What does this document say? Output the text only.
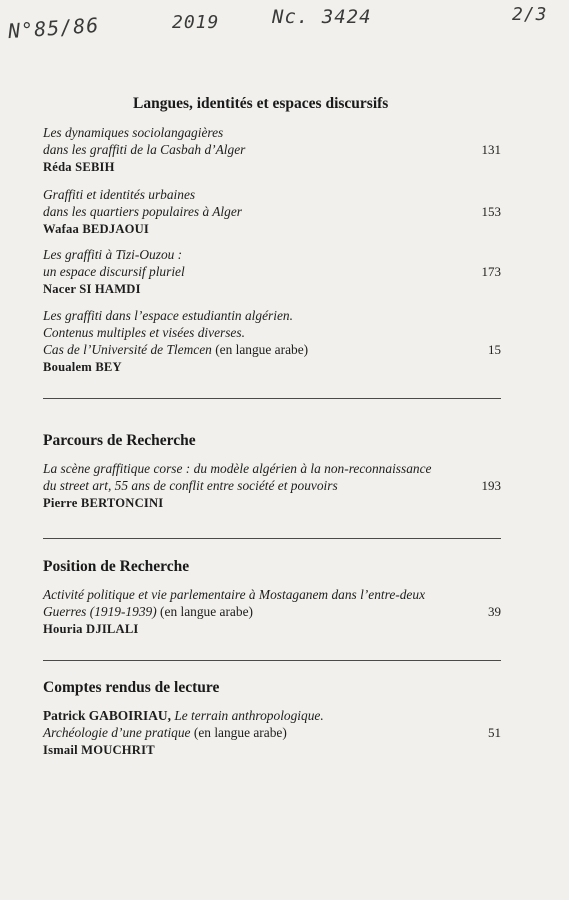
N°85/86	2019	Nc. 3424	2/3
Langues, identités et espaces discursifs
Les dynamiques sociolangagières
dans les graffiti de la Casbah d’Alger	131
Réda SEBIH
Graffiti et identités urbaines
dans les quartiers populaires à Alger	153
Wafaa BEDJAOUI
Les graffiti à Tizi-Ouzou :
un espace discursif pluriel	173
Nacer SI HAMDI
Les graffiti dans l’espace estudiantin algérien.
Contenus multiples et visées diverses.
Cas de l’Université de Tlemcen (en langue arabe)	15
Boualem BEY
Parcours de Recherche
La scène graffitique corse : du modèle algérien à la non-reconnaissance
du street art, 55 ans de conflit entre société et pouvoirs	193
Pierre BERTONCINI
Position de Recherche
Activité politique et vie parlementaire à Mostaganem dans l’entre-deux
Guerres (1919-1939) (en langue arabe)	39
Houria DJILALI
Comptes rendus de lecture
Patrick GABOIRIAU, Le terrain anthropologique.
Archéologie d’une pratique (en langue arabe)	51
Ismail MOUCHRIT
